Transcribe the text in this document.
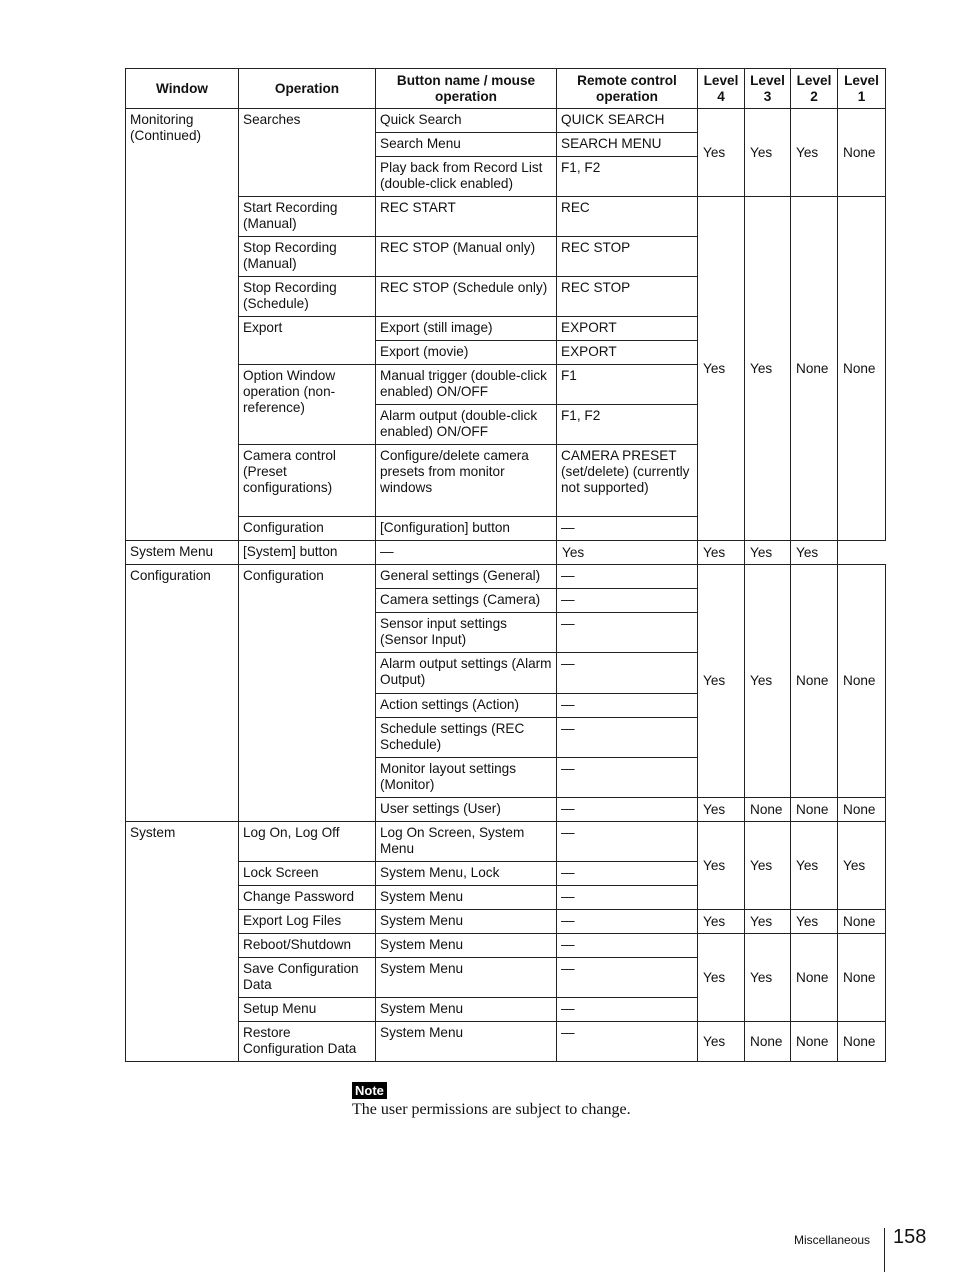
Window	Operation	Button name / mouse operation	Remote control operation	Level 4	Level 3	Level 2	Level 1
Monitoring (Continued)	Searches	Quick Search	QUICK SEARCH	Yes	Yes	Yes	None
		Search Menu	SEARCH MENU				
		Play back from Record List (double-click enabled)	F1, F2				
	Start Recording (Manual)	REC START	REC	Yes	Yes	None	None
	Stop Recording (Manual)	REC STOP (Manual only)	REC STOP				
	Stop Recording (Schedule)	REC STOP (Schedule only)	REC STOP				
	Export	Export (still image)	EXPORT				
		Export (movie)	EXPORT				
	Option Window operation (non-reference)	Manual trigger (double-click enabled) ON/OFF	F1				
		Alarm output (double-click enabled) ON/OFF	F1, F2				
	Camera control (Preset configurations)	Configure/delete camera presets from monitor windows	CAMERA PRESET (set/delete) (currently not supported)				
	Configuration	[Configuration] button	—				
System Menu	[System] button	—	Yes	Yes	Yes	Yes	
Configuration	Configuration	General settings (General)	—	Yes	Yes	None	None
		Camera settings (Camera)	—				
		Sensor input settings (Sensor Input)	—				
		Alarm output settings (Alarm Output)	—				
		Action settings (Action)	—				
		Schedule settings (REC Schedule)	—				
		Monitor layout settings (Monitor)	—				
		User settings (User)	—	Yes	None	None	None
System	Log On, Log Off	Log On Screen, System Menu	—	Yes	Yes	Yes	Yes
	Lock Screen	System Menu, Lock	—				
	Change Password	System Menu	—				
	Export Log Files	System Menu	—	Yes	Yes	Yes	None
	Reboot/Shutdown	System Menu	—	Yes	Yes	None	None
	Save Configuration Data	System Menu	—				
	Setup Menu	System Menu	—				
	Restore Configuration Data	System Menu	—	Yes	None	None	None
Note
The user permissions are subject to change.
Miscellaneous 158
